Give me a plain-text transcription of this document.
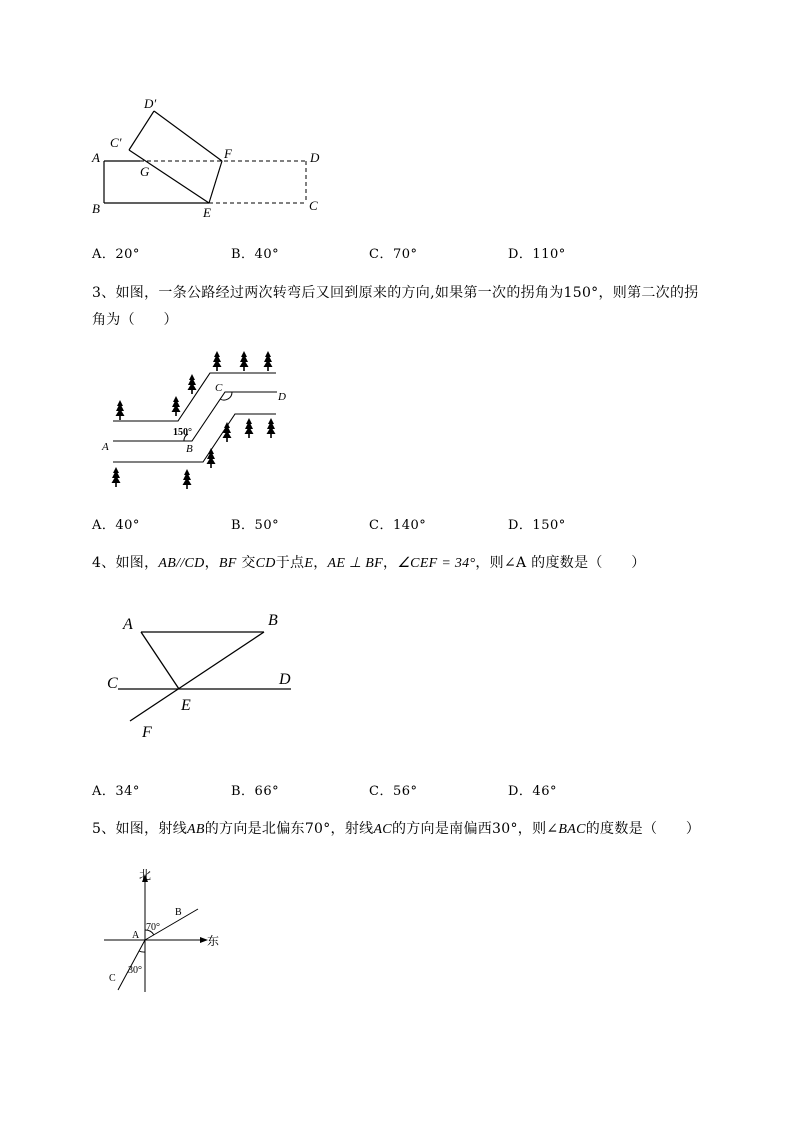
D′
C′
A
G
F	D
B	E	C
A．20°	B．40°	C．70°	D．110°
3、如图，一条公路经过两次转弯后又回到原来的方向,如果第一次的拐角为150°，则第二次的拐
角为（　　）
150°
A	B
C
D
A．40°	B．50°	C．140°	D．150°
4、如图，AB//CD，BF 交CD于点E，AE ⊥ BF，∠CEF = 34°，则∠A 的度数是（　　）
A	B
C	D
E
F
A．34°	B．66°	C．56°	D．46°
5、如图，射线AB的方向是北偏东70°，射线AC的方向是南偏西30°，则∠BAC的度数是（　　）
北
东
70°
30°
A
B
C
